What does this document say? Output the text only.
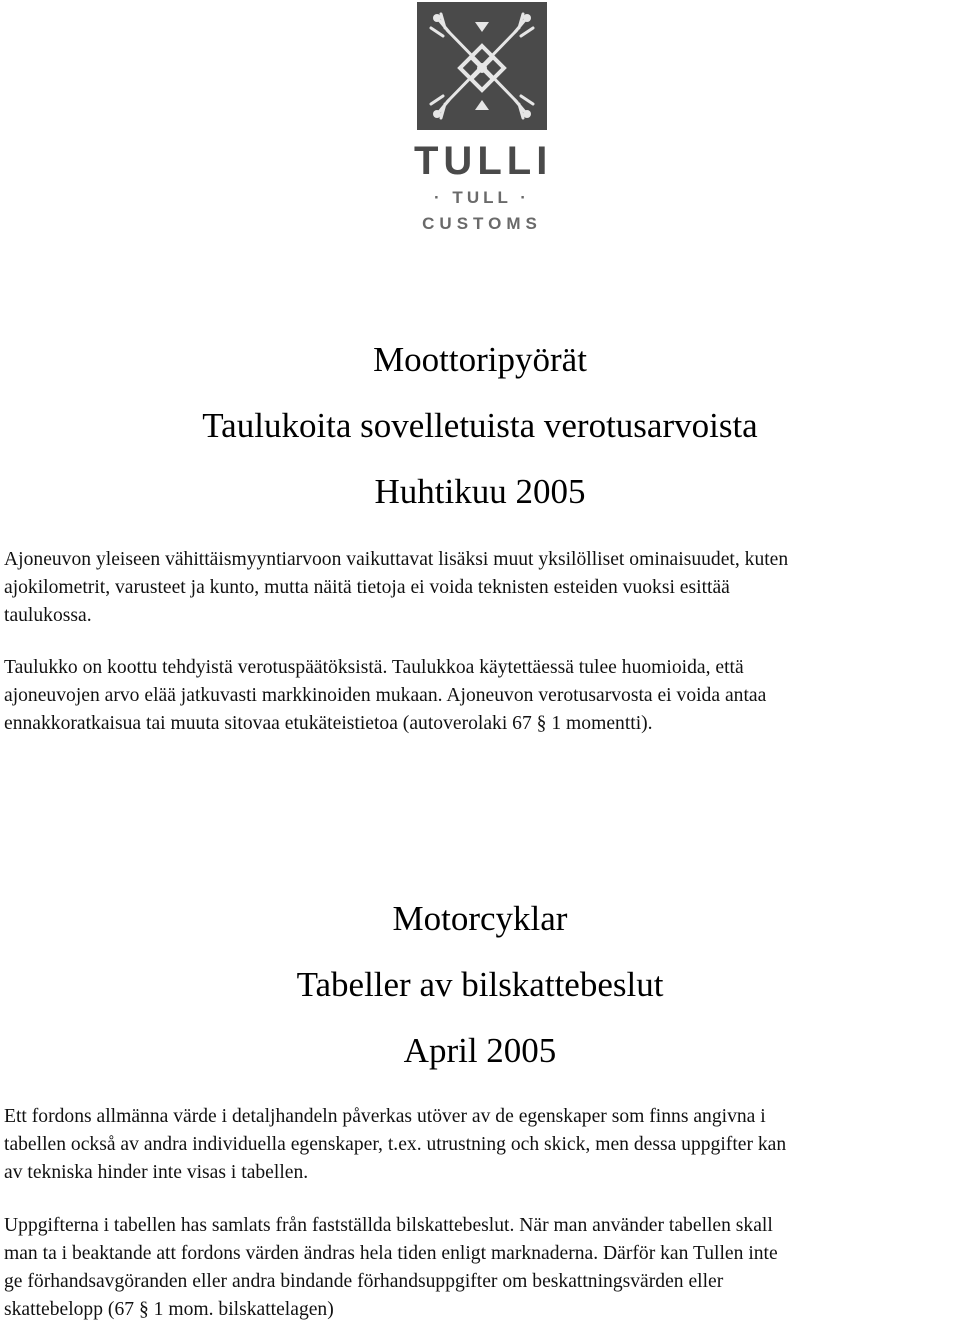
TULLI
· TULL ·
CUSTOMS
Moottoripyörät
Taulukoita sovelletuista verotusarvoista
Huhtikuu 2005

Ajoneuvon yleiseen vähittäismyyntiarvoon vaikuttavat lisäksi muut yksilölliset ominaisuudet, kuten
ajokilometrit, varusteet ja kunto, mutta näitä tietoja ei voida teknisten esteiden vuoksi esittää
taulukossa.

Taulukko on koottu tehdyistä verotuspäätöksistä. Taulukkoa käytettäessä tulee huomioida, että
ajoneuvojen arvo elää jatkuvasti markkinoiden mukaan. Ajoneuvon verotusarvosta ei voida antaa
ennakkoratkaisua tai muuta sitovaa etukäteistietoa (autoverolaki 67 § 1 momentti).

Motorcyklar
Tabeller av bilskattebeslut
April 2005

Ett fordons allmänna värde i detaljhandeln påverkas utöver av de egenskaper som finns angivna i
tabellen också av andra individuella egenskaper, t.ex. utrustning och skick, men dessa uppgifter kan
av tekniska hinder inte visas i tabellen.

Uppgifterna i tabellen has samlats från fastställda bilskattebeslut. När man använder tabellen skall
man ta i beaktande att fordons värden ändras hela tiden enligt marknaderna. Därför kan Tullen inte
ge förhandsavgöranden eller andra bindande förhandsuppgifter om beskattningsvärden eller
skattebelopp (67 § 1 mom. bilskattelagen)
